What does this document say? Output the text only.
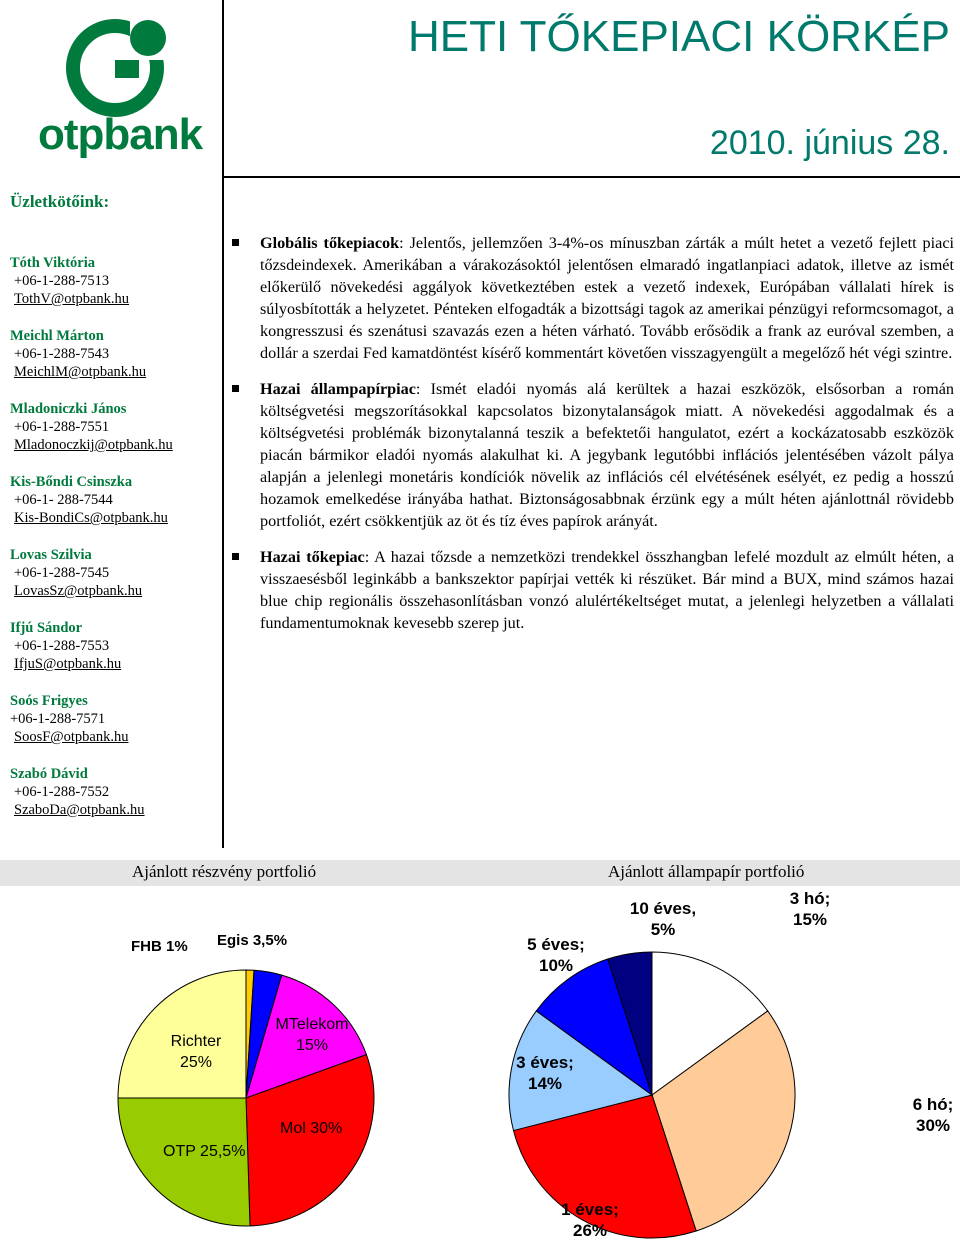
otpbank
HETI TŐKEPIACI KÖRKÉP
2010. június 28.
Üzletkötőink:
Tóth Viktória
+06-1-288-7513
TothV@otpbank.hu
Meichl Márton
+06-1-288-7543
MeichlM@otpbank.hu
Mladoniczki János
+06-1-288-7551
Mladonoczkij@otpbank.hu
Kis-Bőndi Csinszka
+06-1- 288-7544
Kis-BondiCs@otpbank.hu
Lovas Szilvia
+06-1-288-7545
LovasSz@otpbank.hu
Ifjú Sándor
+06-1-288-7553
IfjuS@otpbank.hu
Soós Frigyes
+06-1-288-7571
SoosF@otpbank.hu
Szabó Dávid
+06-1-288-7552
SzaboDa@otpbank.hu
Globális tőkepiacok: Jelentős, jellemzően 3-4%-os mínuszban zárták a múlt hetet a vezető fejlett piaci tőzsdeindexek. Amerikában a várakozásoktól jelentősen elmaradó ingatlanpiaci adatok, illetve az ismét előkerülő növekedési aggályok következtében estek a vezető indexek, Európában vállalati hírek is súlyosbították a helyzetet. Pénteken elfogadták a bizottsági tagok az amerikai pénzügyi reformcsomagot, a kongresszusi és szenátusi szavazás ezen a héten várható. Tovább erősödik a frank az euróval szemben, a dollár a szerdai Fed kamatdöntést kísérő kommentárt követően visszagyengült a megelőző hét végi szintre.
Hazai állampapírpiac: Ismét eladói nyomás alá kerültek a hazai eszközök, elsősorban a román költségvetési megszorításokkal kapcsolatos bizonytalanságok miatt. A növekedési aggodalmak és a költségvetési problémák bizonytalanná teszik a befektetői hangulatot, ezért a kockázatosabb eszközök piacán bármikor eladói nyomás alakulhat ki. A jegybank legutóbbi inflációs jelentésében vázolt pálya alapján a jelenlegi monetáris kondíciók növelik az inflációs cél elvétésének esélyét, ez pedig a hosszú hozamok emelkedése irányába hathat. Biztonságosabbnak érzünk egy a múlt héten ajánlottnál rövidebb portfoliót, ezért csökkentjük az öt és tíz éves papírok arányát.
Hazai tőkepiac: A hazai tőzsde a nemzetközi trendekkel összhangban lefelé mozdult az elmúlt héten, a visszaesésből leginkább a bankszektor papírjai vették ki részüket. Bár mind a BUX, mind számos hazai blue chip regionális összehasonlításban vonzó alulértékeltséget mutat, a jelenlegi helyzetben a vállalati fundamentumoknak kevesebb szerep jut.
Ajánlott részvény portfolió	Ajánlott állampapír portfolió
FHB 1% Egis 3,5%
MTelekom 15%
Mol 30%
OTP 25,5%
Richter 25%
3 hó; 15%
6 hó; 30%
1 éves; 26%
3 éves; 14%
5 éves; 10%
10 éves, 5%
